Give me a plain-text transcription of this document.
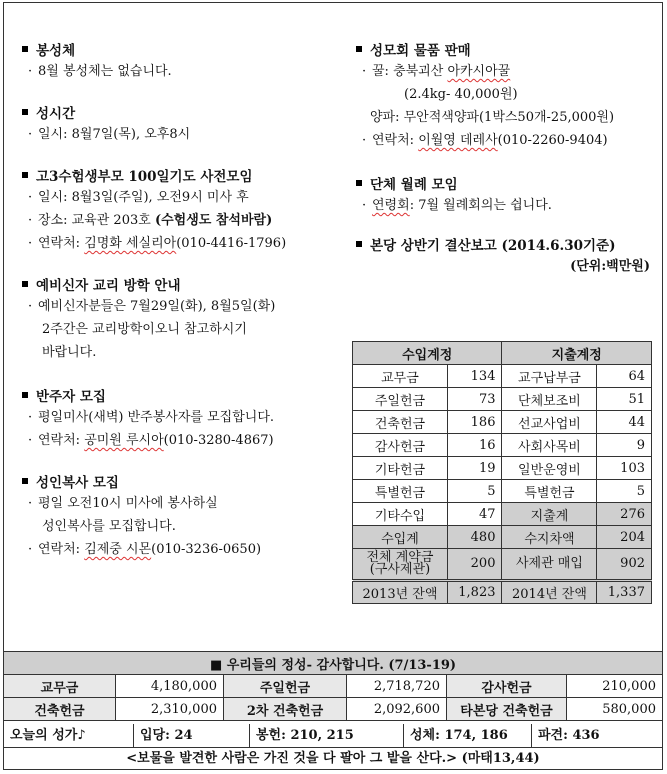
봉성체
· 8월 봉성체는 없습니다.
성시간
· 일시: 8월7일(목), 오후8시
고3수험생부모 100일기도 사전모임
· 일시: 8월3일(주일), 오전9시 미사 후
· 장소: 교육관 203호 (수험생도 참석바람)
· 연락처: 김명화 세실리아(010-4416-1796)
예비신자 교리 방학 안내
· 예비신자분들은 7월29일(화), 8월5일(화)
2주간은 교리방학이오니 참고하시기
바랍니다.
반주자 모집
· 평일미사(새벽) 반주봉사자를 모집합니다.
· 연락처: 공미원 루시아(010-3280-4867)
성인복사 모집
· 평일 오전10시 미사에 봉사하실
성인복사를 모집합니다.
· 연락처: 김제중 시몬(010-3236-0650)
성모회 물품 판매
· 꿀: 충북괴산 아카시아꿀
(2.4kg- 40,000원)
양파: 무안적색양파(1박스50개-25,000원)
· 연락처: 이월영 데레사(010-2260-9404)
단체 월례 모임
· 연령회: 7월 월례회의는 쉽니다.
본당 상반기 결산보고 (2014.6.30기준)
(단위:백만원)
수입계정		지출계정	
교무금	134	교구납부금	64
주일헌금	73	단체보조비	51
건축헌금	186	선교사업비	44
감사헌금	16	사회사목비	9
기타헌금	19	일반운영비	103
특별헌금	5	특별헌금	5
기타수입	47	지출계	276
수입계	480	수지차액	204
전체 계약금
(구사제관)	200	사제관 매입	902
2013년 잔액	1,823	2014년 잔액	1,337
■ 우리들의 정성- 감사합니다. (7/13-19)					
교무금	4,180,000	주일헌금	2,718,720	감사헌금	210,000
건축헌금	2,310,000	2차 건축헌금	2,092,600	타본당 건축헌금	580,000
오늘의 성가♪	입당: 24	봉헌: 210, 215	성체: 174, 186	파견: 436
<보물을 발견한 사람은 가진 것을 다 팔아 그 밭을 산다.> (마태13,44)
